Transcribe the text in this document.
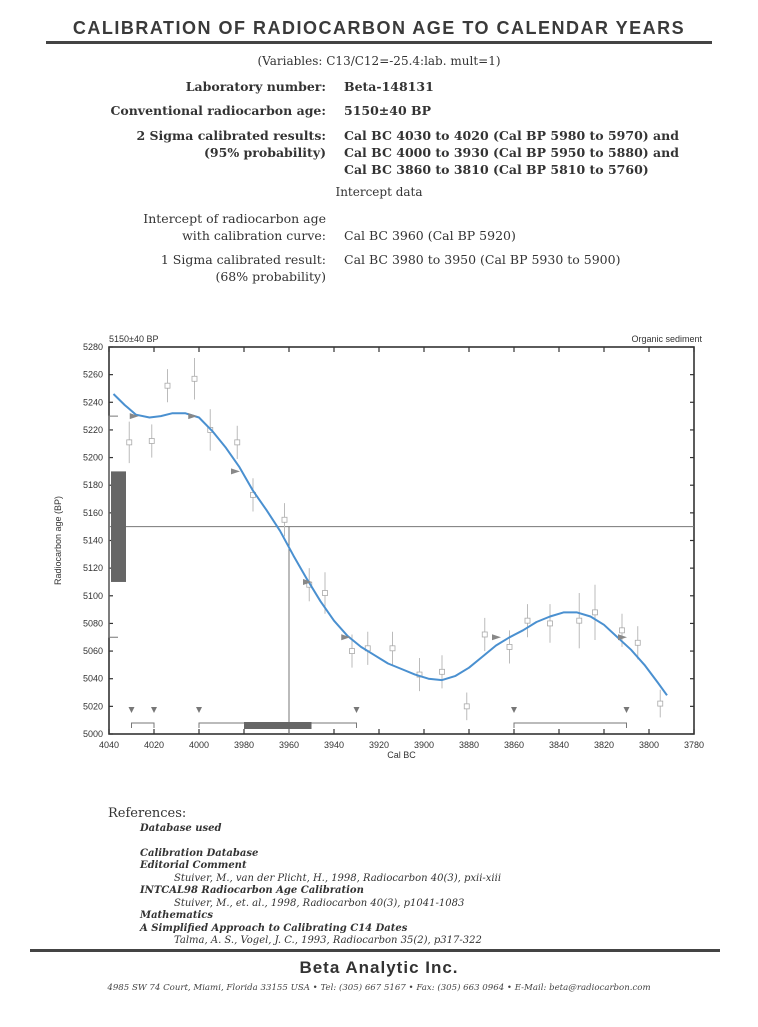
CALIBRATION OF RADIOCARBON AGE TO CALENDAR YEARS
(Variables: C13/C12=-25.4:lab. mult=1)
Laboratory number: Beta-148131
Conventional radiocarbon age: 5150±40 BP
2 Sigma calibrated results:
(95% probability)
Cal BC 4030 to 4020 (Cal BP 5980 to 5970) and
Cal BC 4000 to 3930 (Cal BP 5950 to 5880) and
Cal BC 3860 to 3810 (Cal BP 5810 to 5760)
Intercept data
Intercept of radiocarbon age
with calibration curve: Cal BC 3960 (Cal BP 5920)
1 Sigma calibrated result:
(68% probability)
Cal BC 3980 to 3950 (Cal BP 5930 to 5900)
4040	4020	4000	3980	3960	3940	3920	3900	3880	3860	3840	3820	3800	3780
5000
5020
5040
5060
5080
5100
5120
5140
5160
5180
5200
5220
5240
5260
5280
5150±40 BP	Organic sediment
Cal BC
Radiocarbon age (BP)
References:
Database used
Calibration Database
Editorial Comment
Stuiver, M., van der Plicht, H., 1998, Radiocarbon 40(3), pxii-xiii
INTCAL98 Radiocarbon Age Calibration
Stuiver, M., et. al., 1998, Radiocarbon 40(3), p1041-1083
Mathematics
A Simplified Approach to Calibrating C14 Dates
Talma, A. S., Vogel, J. C., 1993, Radiocarbon 35(2), p317-322
Beta Analytic Inc.
4985 SW 74 Court, Miami, Florida 33155 USA • Tel: (305) 667 5167 • Fax: (305) 663 0964 • E-Mail: beta@radiocarbon.com
